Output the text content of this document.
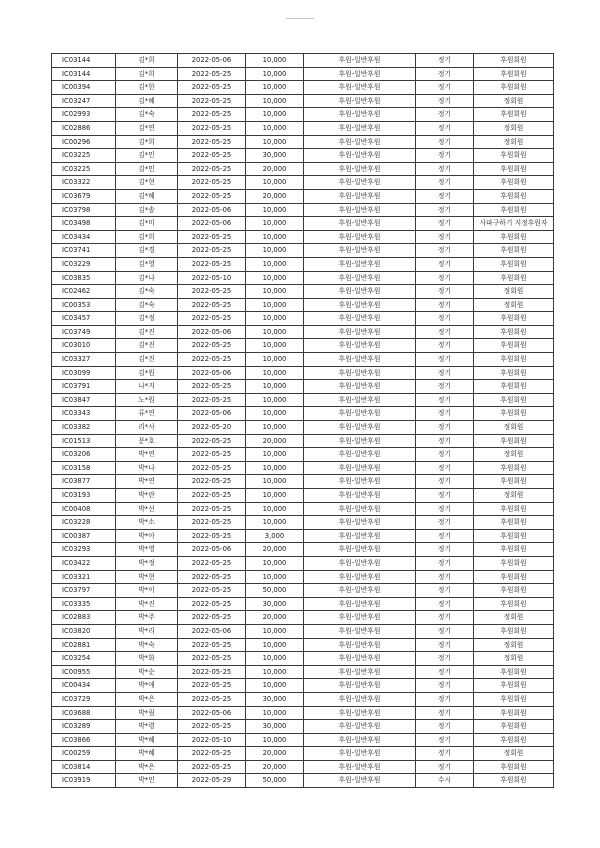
IC03144	김*희	2022-05-06	10,000	후원-일반후원	정기	후원회원
IC03144	김*희	2022-05-25	10,000	후원-일반후원	정기	후원회원
IC00394	김*한	2022-05-25	10,000	후원-일반후원	정기	후원회원
IC03247	김*혜	2022-05-25	10,000	후원-일반후원	정기	정회원
IC02993	김*숙	2022-05-25	10,000	후원-일반후원	정기	후원회원
IC02886	김*연	2022-05-25	10,000	후원-일반후원	정기	정회원
IC00296	김*희	2022-05-25	10,000	후원-일반후원	정기	정회원
IC03225	김*민	2022-05-25	30,000	후원-일반후원	정기	후원회원
IC03225	김*민	2022-05-25	20,000	후원-일반후원	정기	후원회원
IC03322	김*현	2022-05-25	10,000	후원-일반후원	정기	후원회원
IC03679	김*혜	2022-05-25	20,000	후원-일반후원	정기	후원회원
IC03798	김*솔	2022-05-06	10,000	후원-일반후원	정기	후원회원
IC03498	김*미	2022-05-06	10,000	후원-일반후원	정기	사파구하기 지정후원자
IC03434	김*희	2022-05-25	10,000	후원-일반후원	정기	후원회원
IC03741	김*경	2022-05-25	10,000	후원-일반후원	정기	후원회원
IC03229	김*영	2022-05-25	10,000	후원-일반후원	정기	후원회원
IC03835	김*나	2022-05-10	10,000	후원-일반후원	정기	후원회원
IC02462	김*숙	2022-05-25	10,000	후원-일반후원	정기	정회원
IC00353	김*숙	2022-05-25	10,000	후원-일반후원	정기	정회원
IC03457	김*정	2022-05-25	10,000	후원-일반후원	정기	후원회원
IC03749	김*진	2022-05-06	10,000	후원-일반후원	정기	후원회원
IC03010	김*진	2022-05-25	10,000	후원-일반후원	정기	후원회원
IC03327	김*진	2022-05-25	10,000	후원-일반후원	정기	후원회원
IC03099	김*원	2022-05-06	10,000	후원-일반후원	정기	후원회원
IC03791	나*지	2022-05-25	10,000	후원-일반후원	정기	후원회원
IC03847	노*원	2022-05-25	10,000	후원-일반후원	정기	후원회원
IC03343	류*연	2022-05-06	10,000	후원-일반후원	정기	후원회원
IC03382	리*사	2022-05-20	10,000	후원-일반후원	정기	정회원
IC01513	문*호	2022-05-25	20,000	후원-일반후원	정기	후원회원
IC03206	박*연	2022-05-25	10,000	후원-일반후원	정기	정회원
IC03158	박*나	2022-05-25	10,000	후원-일반후원	정기	후원회원
IC03877	박*연	2022-05-25	10,000	후원-일반후원	정기	후원회원
IC03193	박*란	2022-05-25	10,000	후원-일반후원	정기	정회원
IC00408	박*선	2022-05-25	10,000	후원-일반후원	정기	후원회원
IC03228	박*소	2022-05-25	10,000	후원-일반후원	정기	후원회원
IC00387	박*아	2022-05-25	3,000	후원-일반후원	정기	후원회원
IC03293	박*영	2022-05-06	20,000	후원-일반후원	정기	후원회원
IC03422	박*정	2022-05-25	10,000	후원-일반후원	정기	후원회원
IC03321	박*현	2022-05-25	10,000	후원-일반후원	정기	후원회원
IC03797	박*이	2022-05-25	50,000	후원-일반후원	정기	후원회원
IC03335	박*진	2022-05-25	30,000	후원-일반후원	정기	후원회원
IC02883	박*주	2022-05-25	20,000	후원-일반후원	정기	정회원
IC03820	박*리	2022-05-06	10,000	후원-일반후원	정기	후원회원
IC02881	박*숙	2022-05-25	10,000	후원-일반후원	정기	정회원
IC03254	박*화	2022-05-25	10,000	후원-일반후원	정기	정회원
IC00955	박*순	2022-05-25	10,000	후원-일반후원	정기	후원회원
IC00434	박*애	2022-05-25	10,000	후원-일반후원	정기	후원회원
IC03729	박*은	2022-05-25	30,000	후원-일반후원	정기	후원회원
IC03688	박*림	2022-05-06	10,000	후원-일반후원	정기	후원회원
IC03289	박*령	2022-05-25	30,000	후원-일반후원	정기	후원회원
IC03866	박*혜	2022-05-10	10,000	후원-일반후원	정기	후원회원
IC00259	박*혜	2022-05-25	20,000	후원-일반후원	정기	정회원
IC03814	박*은	2022-05-25	20,000	후원-일반후원	정기	후원회원
IC03919	박*민	2022-05-29	50,000	후원-일반후원	수시	후원회원
